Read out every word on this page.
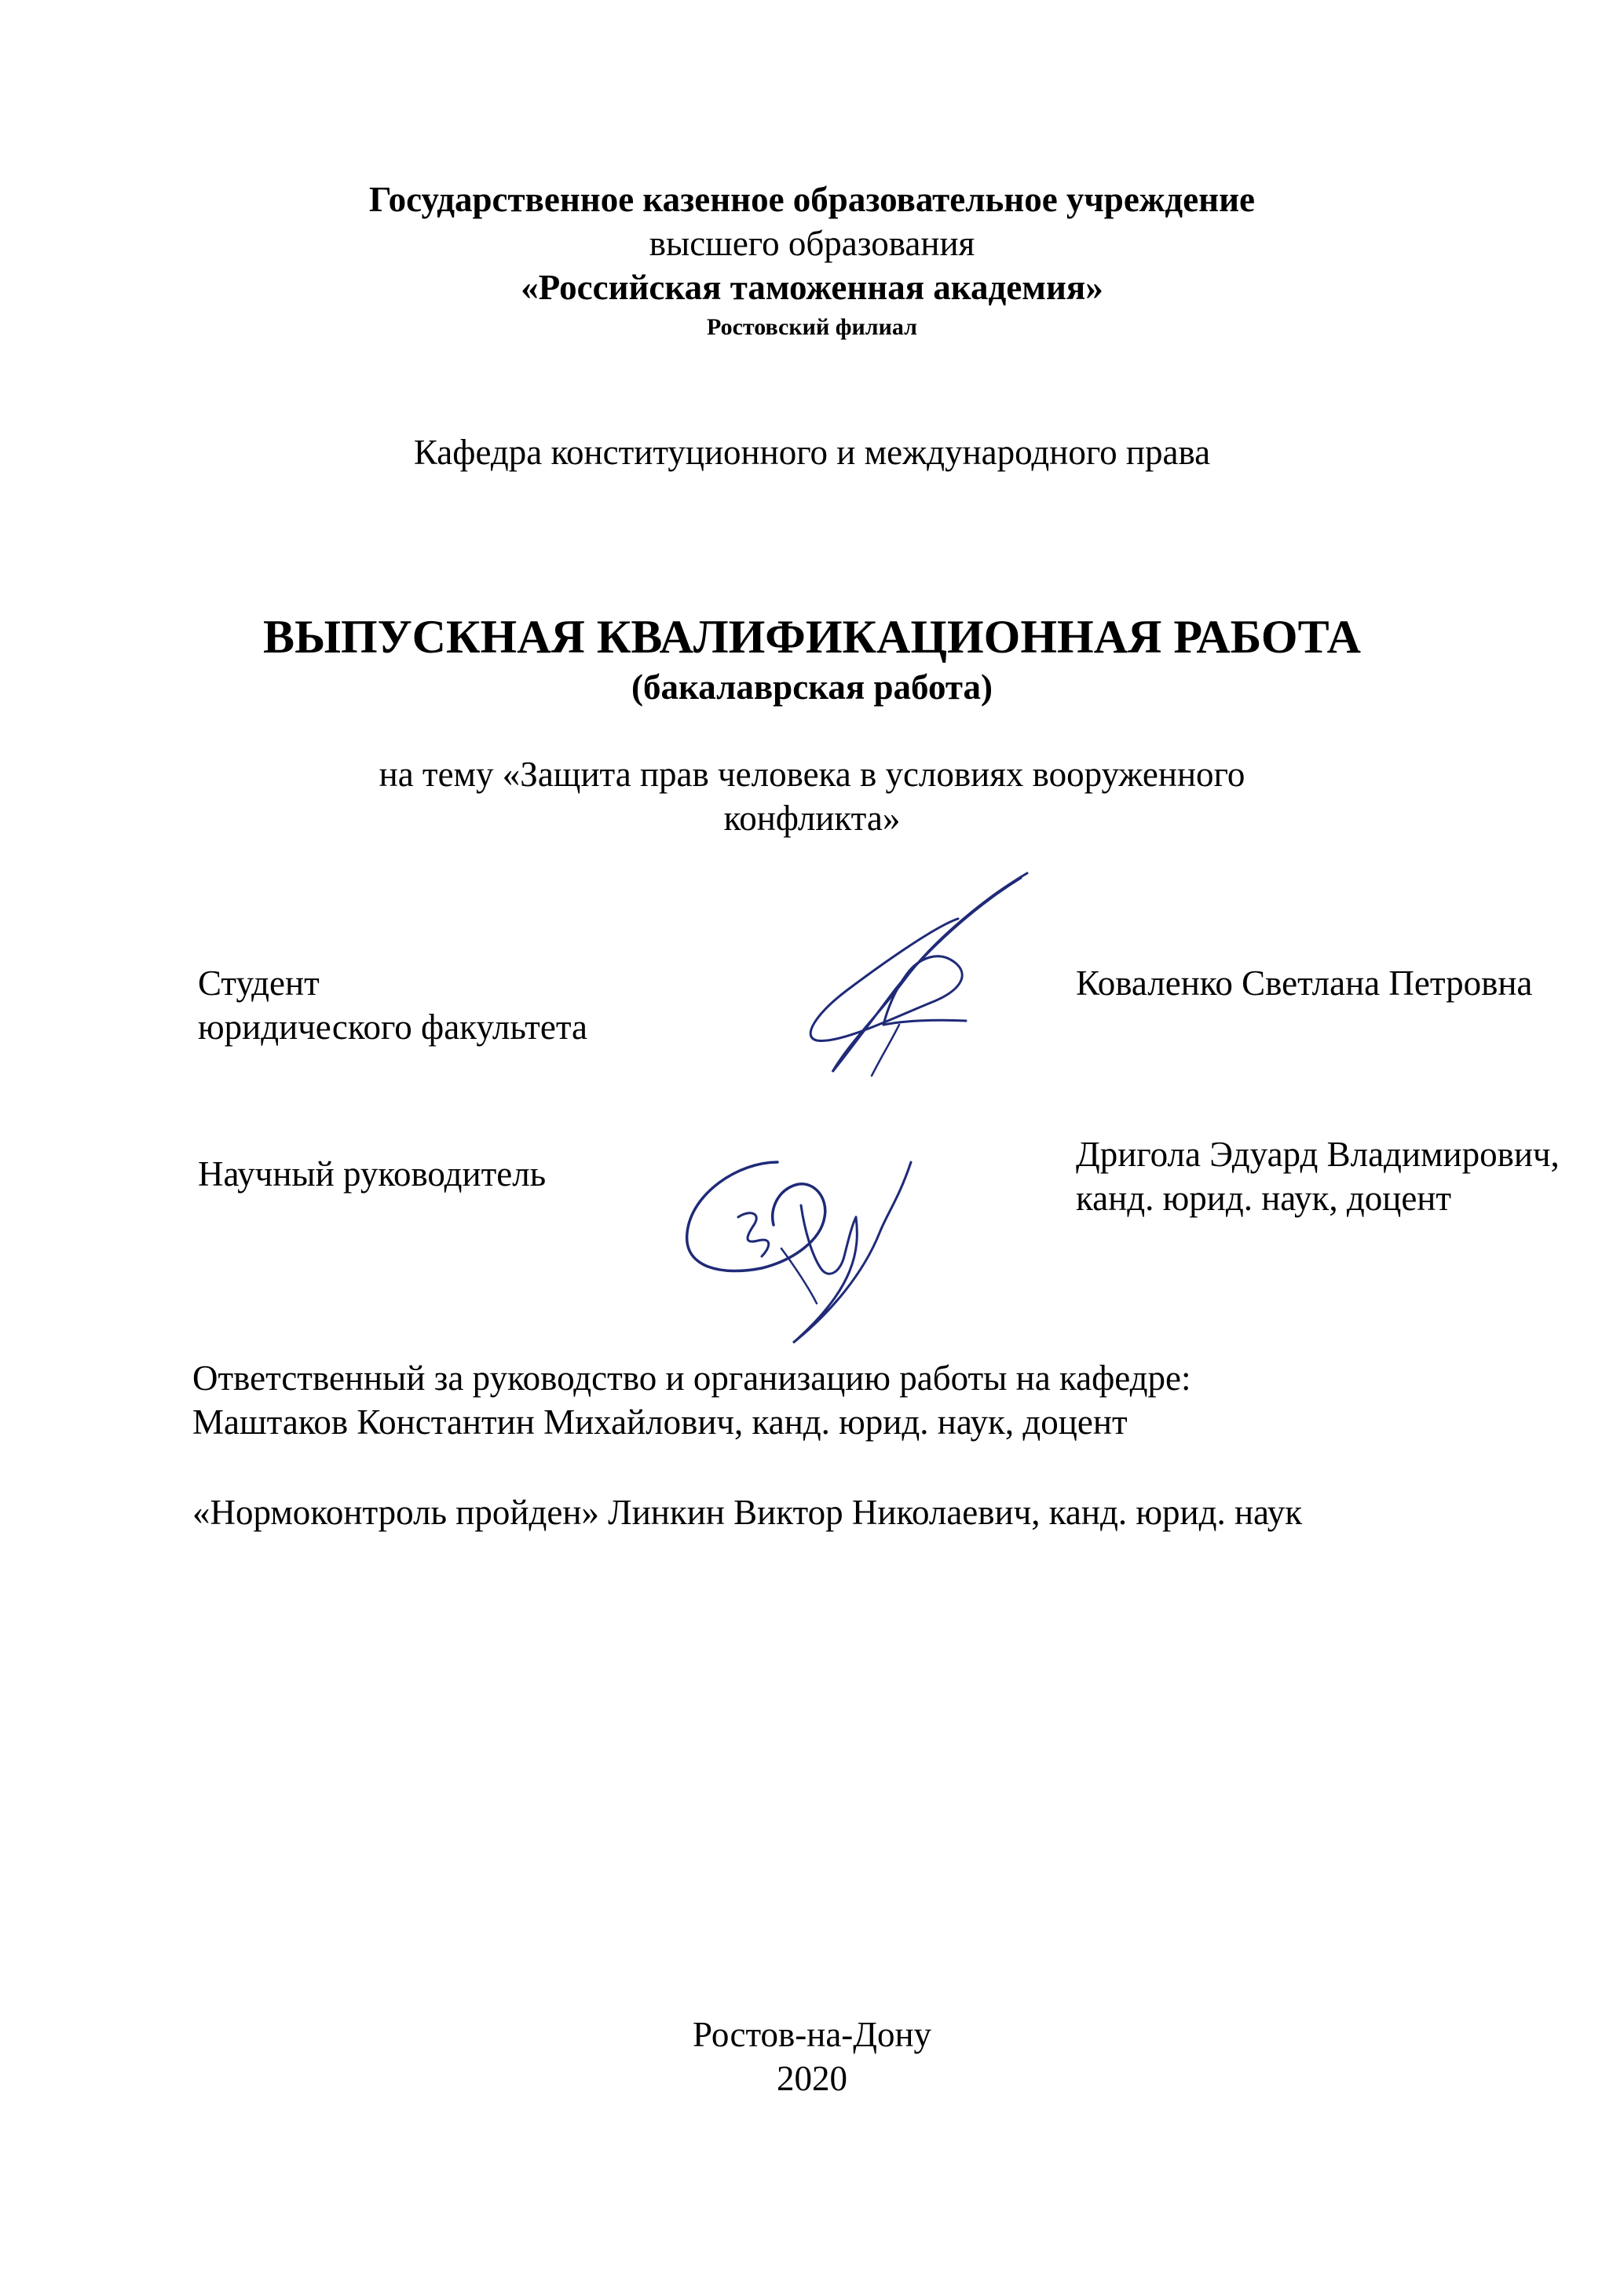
Государственное казенное образовательное учреждение
высшего образования
«Российская таможенная академия»
Ростовский филиал
Кафедра конституционного и международного права
ВЫПУСКНАЯ КВАЛИФИКАЦИОННАЯ РАБОТА
(бакалаврская работа)
на тему «Защита прав человека в условиях вооруженного
конфликта»
Студент
юридического факультета
Коваленко Светлана Петровна
Научный руководитель	Дригола Эдуард Владимирович,
канд. юрид. наук, доцент
Ответственный за руководство и организацию работы на кафедре:
Маштаков Константин Михайлович, канд. юрид. наук, доцент
«Нормоконтроль пройден» Линкин Виктор Николаевич, канд. юрид. наук
Ростов-на-Дону
2020
